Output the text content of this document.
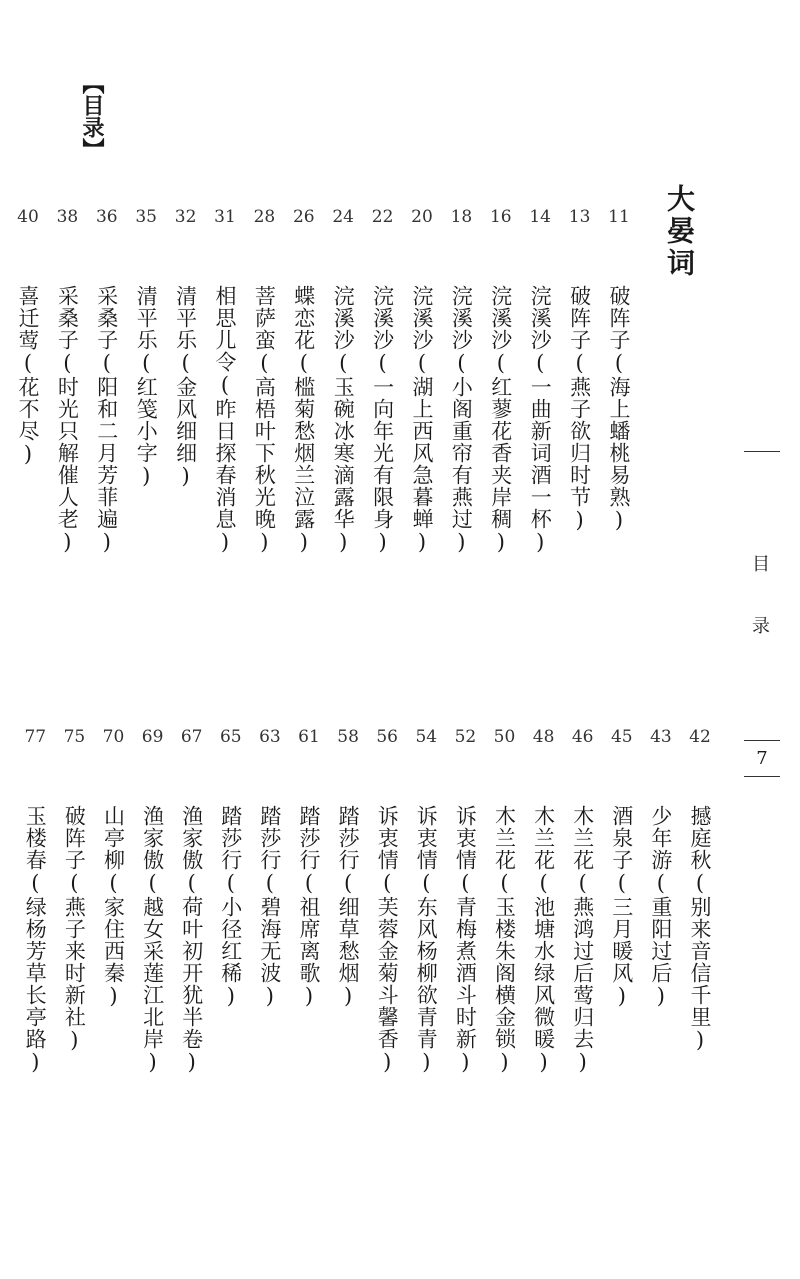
【目录】
大晏词
11
破阵子(海上蟠桃易熟)
13
破阵子(燕子欲归时节)
14
浣溪沙(一曲新词酒一杯)
16
浣溪沙(红蓼花香夹岸稠)
18
浣溪沙(小阁重帘有燕过)
20
浣溪沙(湖上西风急暮蝉)
22
浣溪沙(一向年光有限身)
24
浣溪沙(玉碗冰寒滴露华)
26
蝶恋花(槛菊愁烟兰泣露)
28
菩萨蛮(高梧叶下秋光晚)
31
相思儿令(昨日探春消息)
32
清平乐(金风细细)
35
清平乐(红笺小字)
36
采桑子(阳和二月芳菲遍)
38
采桑子(时光只解催人老)
40
喜迁莺(花不尽)
42
撼庭秋(别来音信千里)
43
少年游(重阳过后)
45
酒泉子(三月暖风)
46
木兰花(燕鸿过后莺归去)
48
木兰花(池塘水绿风微暖)
50
木兰花(玉楼朱阁横金锁)
52
诉衷情(青梅煮酒斗时新)
54
诉衷情(东风杨柳欲青青)
56
诉衷情(芙蓉金菊斗馨香)
58
踏莎行(细草愁烟)
61
踏莎行(祖席离歌)
63
踏莎行(碧海无波)
65
踏莎行(小径红稀)
67
渔家傲(荷叶初开犹半卷)
69
渔家傲(越女采莲江北岸)
70
山亭柳(家住西秦)
75
破阵子(燕子来时新社)
77
玉楼春(绿杨芳草长亭路)
目
录
7
